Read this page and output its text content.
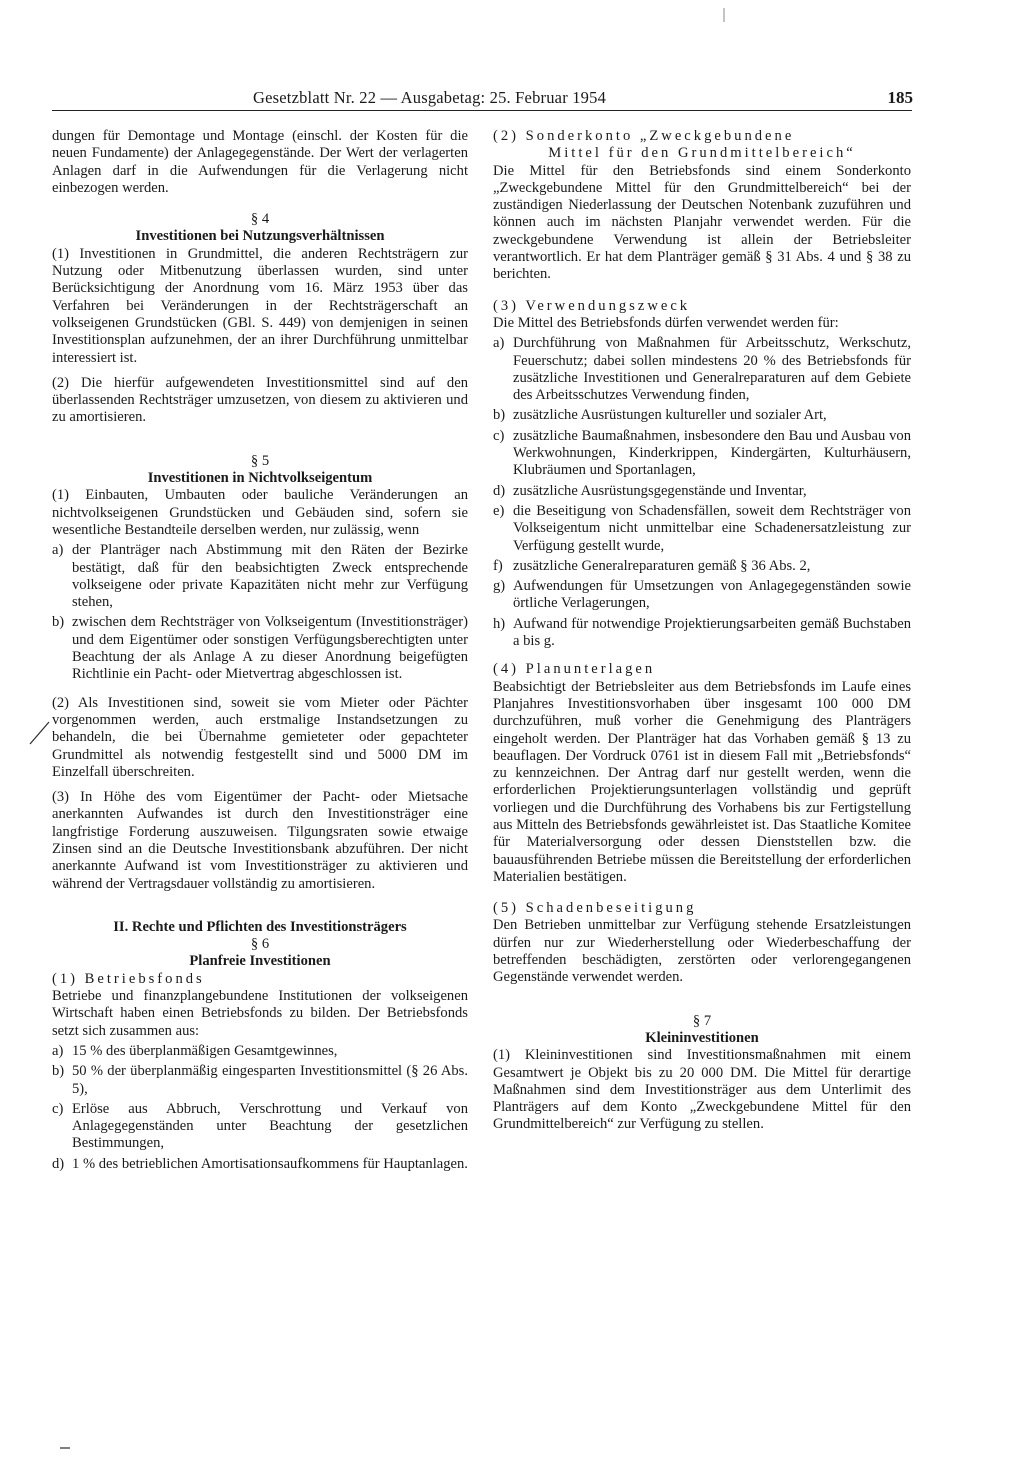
Gesetzblatt Nr. 22 — Ausgabetag: 25. Februar 1954	185

dungen für Demontage und Montage (einschl. der Kosten für die neuen Fundamente) der Anlagegegenstände. Der Wert der verlagerten Anlagen darf in die Aufwendungen für die Verlagerung nicht einbezogen werden.

§ 4

Investitionen bei Nutzungsverhältnissen

(1) Investitionen in Grundmittel, die anderen Rechtsträgern zur Nutzung oder Mitbenutzung überlassen wurden, sind unter Berücksichtigung der Anordnung vom 16. März 1953 über das Verfahren bei Veränderungen in der Rechtsträgerschaft an volkseigenen Grundstücken (GBl. S. 449) von demjenigen in seinen Investitionsplan aufzunehmen, der an ihrer Durchführung unmittelbar interessiert ist.

(2) Die hierfür aufgewendeten Investitionsmittel sind auf den überlassenden Rechtsträger umzusetzen, von diesem zu aktivieren und zu amortisieren.

§ 5

Investitionen in Nichtvolkseigentum

(1) Einbauten, Umbauten oder bauliche Veränderungen an nichtvolkseigenen Grundstücken und Gebäuden sind, sofern sie wesentliche Bestandteile derselben werden, nur zulässig, wenn

a) der Planträger nach Abstimmung mit den Räten der Bezirke bestätigt, daß für den beabsichtigten Zweck entsprechende volkseigene oder private Kapazitäten nicht mehr zur Verfügung stehen,
b) zwischen dem Rechtsträger von Volkseigentum (Investitionsträger) und dem Eigentümer oder sonstigen Verfügungsberechtigten unter Beachtung der als Anlage A zu dieser Anordnung beigefügten Richtlinie ein Pacht- oder Mietvertrag abgeschlossen ist.

(2) Als Investitionen sind, soweit sie vom Mieter oder Pächter vorgenommen werden, auch erstmalige Instandsetzungen zu behandeln, die bei Übernahme gemieteter oder gepachteter Grundmittel als notwendig festgestellt sind und 5000 DM im Einzelfall überschreiten.

(3) In Höhe des vom Eigentümer der Pacht- oder Mietsache anerkannten Aufwandes ist durch den Investitionsträger eine langfristige Forderung auszuweisen. Tilgungsraten sowie etwaige Zinsen sind an die Deutsche Investitionsbank abzuführen. Der nicht anerkannte Aufwand ist vom Investitionsträger zu aktivieren und während der Vertragsdauer vollständig zu amortisieren.

II. Rechte und Pflichten des Investitionsträgers

§ 6

Planfreie Investitionen

(1) Betriebsfonds

Betriebe und finanzplangebundene Institutionen der volkseigenen Wirtschaft haben einen Betriebsfonds zu bilden. Der Betriebsfonds setzt sich zusammen aus:

a) 15 % des überplanmäßigen Gesamtgewinnes,
b) 50 % der überplanmäßig eingesparten Investitionsmittel (§ 26 Abs. 5),
c) Erlöse aus Abbruch, Verschrottung und Verkauf von Anlagegegenständen unter Beachtung der gesetzlichen Bestimmungen,
d) 1 % des betrieblichen Amortisationsaufkommens für Hauptanlagen.

(2) Sonderkonto „Zweckgebundene

Mittel für den Grundmittelbereich“

Die Mittel für den Betriebsfonds sind einem Sonderkonto „Zweckgebundene Mittel für den Grundmittelbereich“ bei der zuständigen Niederlassung der Deutschen Notenbank zuzuführen und können auch im nächsten Planjahr verwendet werden. Für die zweckgebundene Verwendung ist allein der Betriebsleiter verantwortlich. Er hat dem Planträger gemäß § 31 Abs. 4 und § 38 zu berichten.

(3) Verwendungszweck

Die Mittel des Betriebsfonds dürfen verwendet werden für:

a) Durchführung von Maßnahmen für Arbeitsschutz, Werkschutz, Feuerschutz; dabei sollen mindestens 20 % des Betriebsfonds für zusätzliche Investitionen und Generalreparaturen auf dem Gebiete des Arbeitsschutzes Verwendung finden,
b) zusätzliche Ausrüstungen kultureller und sozialer Art,
c) zusätzliche Baumaßnahmen, insbesondere den Bau und Ausbau von Werkwohnungen, Kinderkrippen, Kindergärten, Kulturhäusern, Klubräumen und Sportanlagen,
d) zusätzliche Ausrüstungsgegenstände und Inventar,
e) die Beseitigung von Schadensfällen, soweit dem Rechtsträger von Volkseigentum nicht unmittelbar eine Schadenersatzleistung zur Verfügung gestellt wurde,
f) zusätzliche Generalreparaturen gemäß § 36 Abs. 2,
g) Aufwendungen für Umsetzungen von Anlagegegenständen sowie örtliche Verlagerungen,
h) Aufwand für notwendige Projektierungsarbeiten gemäß Buchstaben a bis g.

(4) Planunterlagen

Beabsichtigt der Betriebsleiter aus dem Betriebsfonds im Laufe eines Planjahres Investitionsvorhaben über insgesamt 100 000 DM durchzuführen, muß vorher die Genehmigung des Planträgers eingeholt werden. Der Planträger hat das Vorhaben gemäß § 13 zu beauflagen. Der Vordruck 0761 ist in diesem Fall mit „Betriebsfonds“ zu kennzeichnen. Der Antrag darf nur gestellt werden, wenn die erforderlichen Projektierungsunterlagen vollständig und geprüft vorliegen und die Durchführung des Vorhabens bis zur Fertigstellung aus Mitteln des Betriebsfonds gewährleistet ist. Das Staatliche Komitee für Materialversorgung oder dessen Dienststellen bzw. die bauausführenden Betriebe müssen die Bereitstellung der erforderlichen Materialien bestätigen.

(5) Schadenbeseitigung

Den Betrieben unmittelbar zur Verfügung stehende Ersatzleistungen dürfen nur zur Wiederherstellung oder Wiederbeschaffung der betreffenden beschädigten, zerstörten oder verlorengegangenen Gegenstände verwendet werden.

§ 7

Kleininvestitionen

(1) Kleininvestitionen sind Investitionsmaßnahmen mit einem Gesamtwert je Objekt bis zu 20 000 DM. Die Mittel für derartige Maßnahmen sind dem Investitionsträger aus dem Unterlimit des Planträgers auf dem Konto „Zweckgebundene Mittel für den Grundmittelbereich“ zur Verfügung zu stellen.
